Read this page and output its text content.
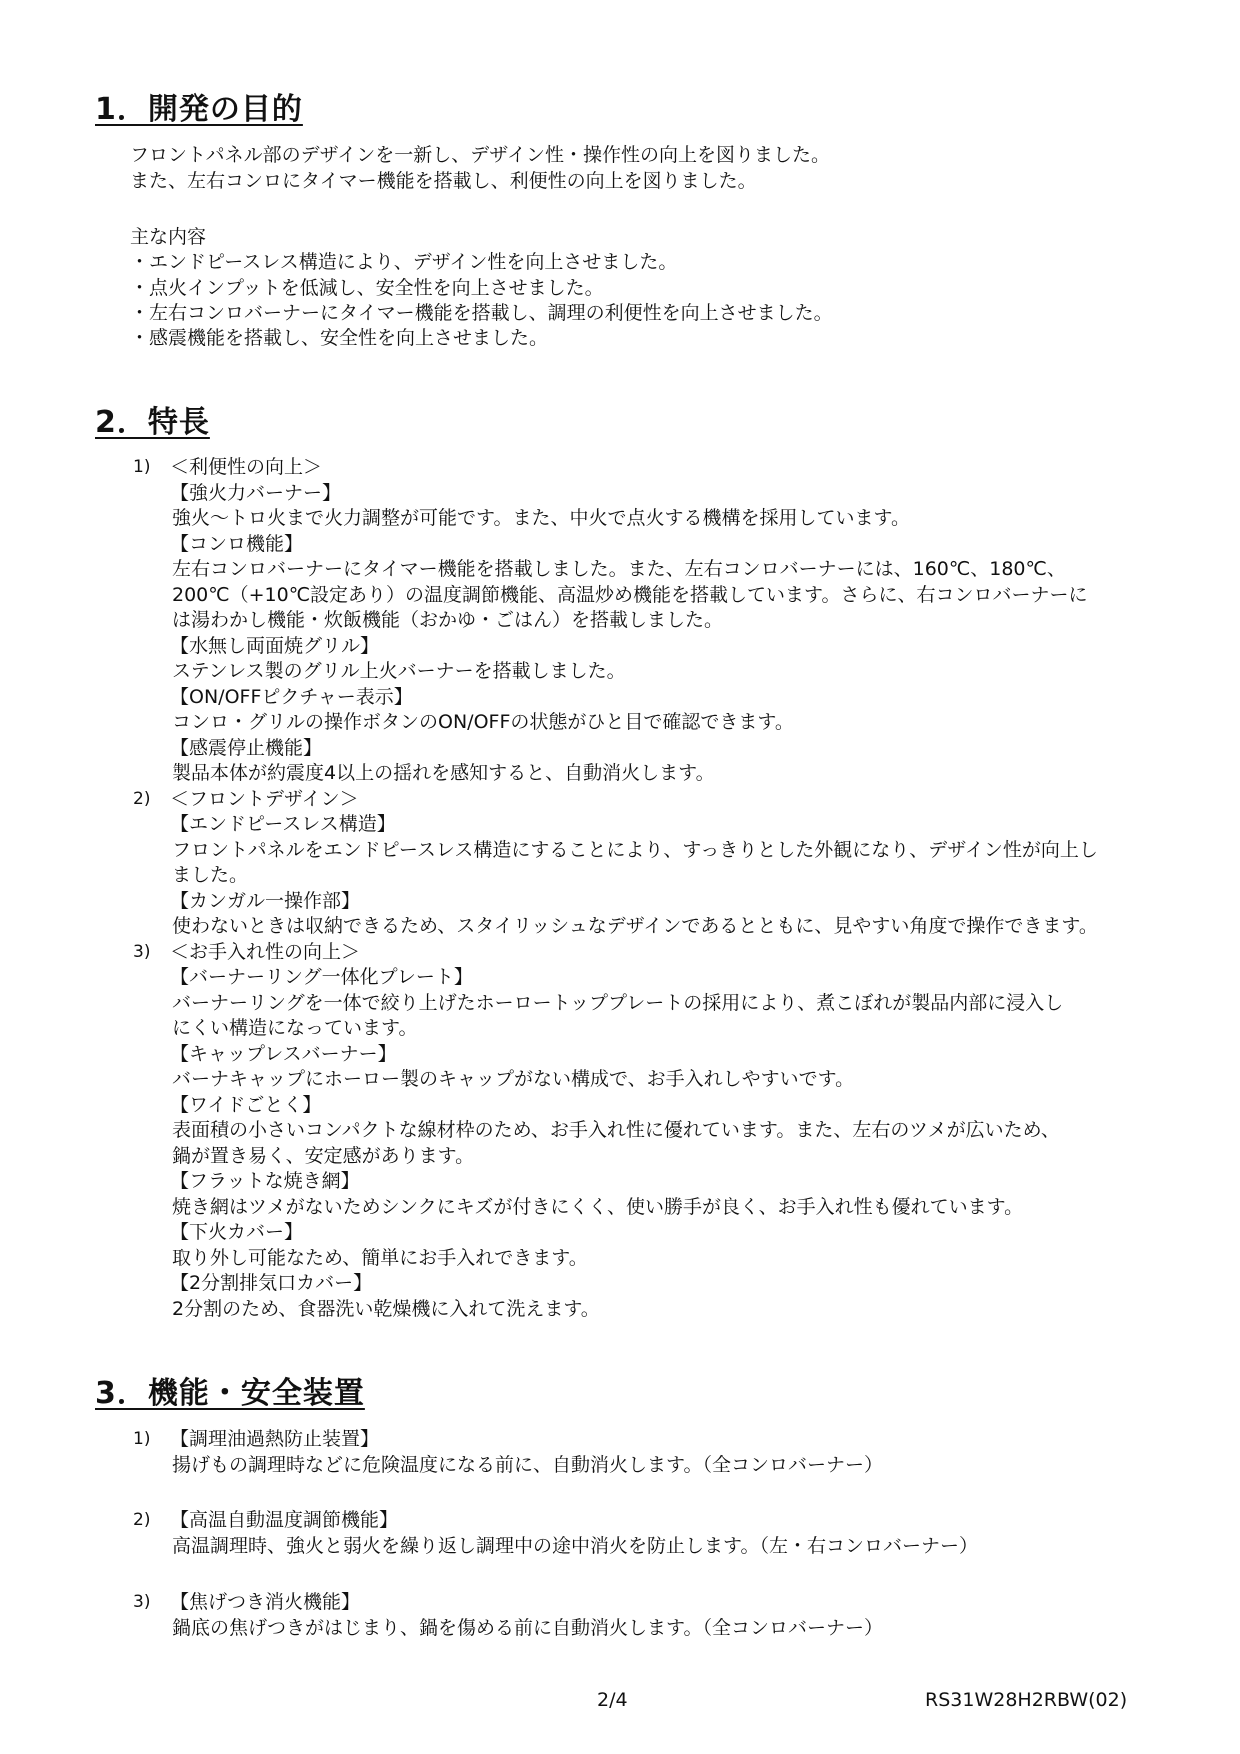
1．開発の目的

フロントパネル部のデザインを一新し、デザイン性・操作性の向上を図りました。

また、左右コンロにタイマー機能を搭載し、利便性の向上を図りました。

主な内容

・エンドピースレス構造により、デザイン性を向上させました。

・点火インプットを低減し、安全性を向上させました。

・左右コンロバーナーにタイマー機能を搭載し、調理の利便性を向上させました。

・感震機能を搭載し、安全性を向上させました。

2．特長

1) ＜利便性の向上＞

【強火力バーナー】

強火～トロ火まで火力調整が可能です。また、中火で点火する機構を採用しています。

【コンロ機能】

左右コンロバーナーにタイマー機能を搭載しました。また、左右コンロバーナーには、160℃、180℃、

200℃（+10℃設定あり）の温度調節機能、高温炒め機能を搭載しています。さらに、右コンロバーナーに

は湯わかし機能・炊飯機能（おかゆ・ごはん）を搭載しました。

【水無し両面焼グリル】

ステンレス製のグリル上火バーナーを搭載しました。

【ON/OFFピクチャー表示】

コンロ・グリルの操作ボタンのON/OFFの状態がひと目で確認できます。

【感震停止機能】

製品本体が約震度4以上の揺れを感知すると、自動消火します。

2) ＜フロントデザイン＞

【エンドピースレス構造】

フロントパネルをエンドピースレス構造にすることにより、すっきりとした外観になり、デザイン性が向上し

ました。

【カンガル一操作部】

使わないときは収納できるため、スタイリッシュなデザインであるとともに、見やすい角度で操作できます。

3) ＜お手入れ性の向上＞

【バーナーリング一体化プレート】

バーナーリングを一体で絞り上げたホーロートッププレートの採用により、煮こぼれが製品内部に浸入し

にくい構造になっています。

【キャップレスバーナー】

バーナキャップにホーロー製のキャップがない構成で、お手入れしやすいです。

【ワイドごとく】

表面積の小さいコンパクトな線材枠のため、お手入れ性に優れています。また、左右のツメが広いため、

鍋が置き易く、安定感があります。

【フラットな焼き網】

焼き網はツメがないためシンクにキズが付きにくく、使い勝手が良く、お手入れ性も優れています。

【下火カバー】

取り外し可能なため、簡単にお手入れできます。

【2分割排気口カバー】

2分割のため、食器洗い乾燥機に入れて洗えます。

3．機能・安全装置

1) 【調理油過熱防止装置】

揚げもの調理時などに危険温度になる前に、自動消火します。（全コンロバーナー）

2) 【高温自動温度調節機能】

高温調理時、強火と弱火を繰り返し調理中の途中消火を防止します。（左・右コンロバーナー）

3) 【焦げつき消火機能】

鍋底の焦げつきがはじまり、鍋を傷める前に自動消火します。（全コンロバーナー）

2/4	RS31W28H2RBW(02)
